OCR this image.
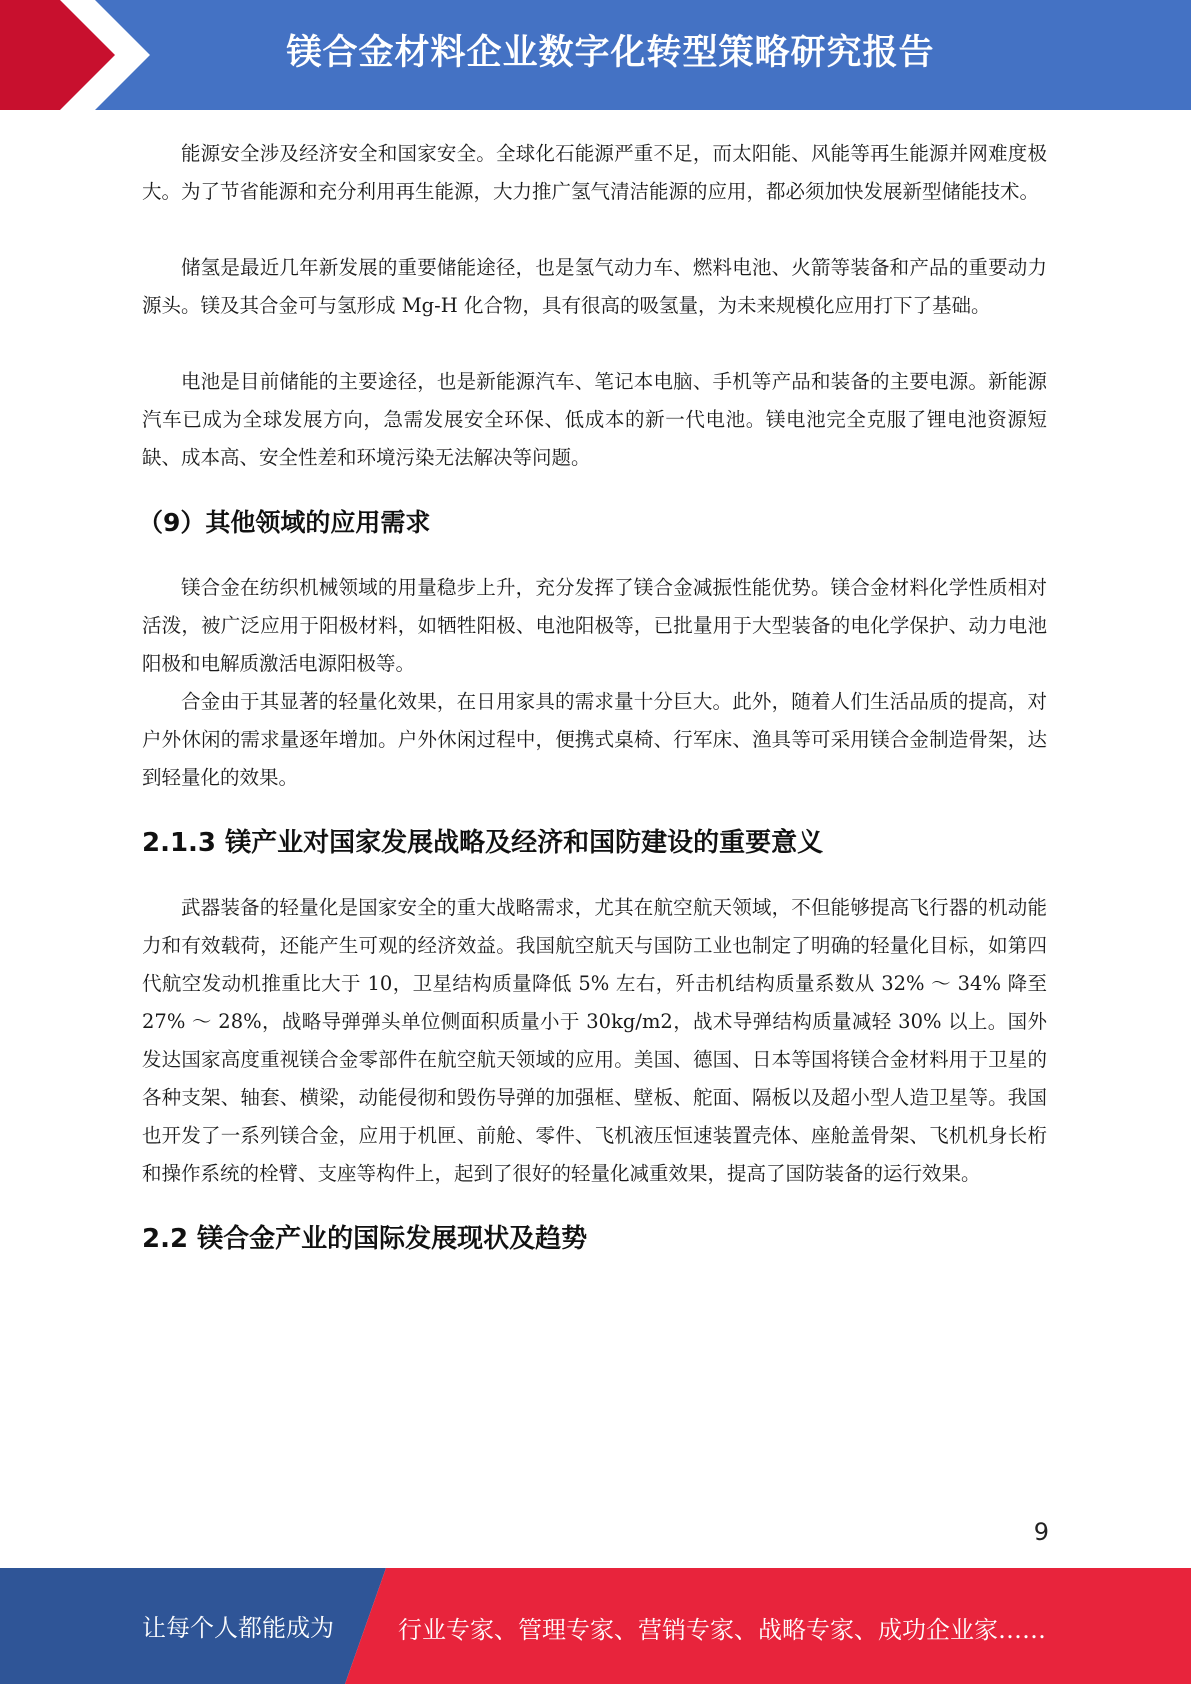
镁合金材料企业数字化转型策略研究报告

能源安全涉及经济安全和国家安全。全球化石能源严重不足，而太阳能、风能等再生能源并网难度极大。为了节省能源和充分利用再生能源，大力推广氢气清洁能源的应用，都必须加快发展新型储能技术。

储氢是最近几年新发展的重要储能途径，也是氢气动力车、燃料电池、火箭等装备和产品的重要动力源头。镁及其合金可与氢形成 Mg-H 化合物，具有很高的吸氢量，为未来规模化应用打下了基础。

电池是目前储能的主要途径，也是新能源汽车、笔记本电脑、手机等产品和装备的主要电源。新能源汽车已成为全球发展方向，急需发展安全环保、低成本的新一代电池。镁电池完全克服了锂电池资源短缺、成本高、安全性差和环境污染无法解决等问题。

（9）其他领域的应用需求

镁合金在纺织机械领域的用量稳步上升，充分发挥了镁合金减振性能优势。镁合金材料化学性质相对活泼，被广泛应用于阳极材料，如牺牲阳极、电池阳极等，已批量用于大型装备的电化学保护、动力电池阳极和电解质激活电源阳极等。

合金由于其显著的轻量化效果，在日用家具的需求量十分巨大。此外，随着人们生活品质的提高，对户外休闲的需求量逐年增加。户外休闲过程中，便携式桌椅、行军床、渔具等可采用镁合金制造骨架，达到轻量化的效果。

2.1.3 镁产业对国家发展战略及经济和国防建设的重要意义

武器装备的轻量化是国家安全的重大战略需求，尤其在航空航天领域，不但能够提高飞行器的机动能力和有效载荷，还能产生可观的经济效益。我国航空航天与国防工业也制定了明确的轻量化目标，如第四代航空发动机推重比大于 10，卫星结构质量降低 5% 左右，歼击机结构质量系数从 32% ～ 34% 降至 27% ～ 28%，战略导弹弹头单位侧面积质量小于 30kg/m2，战术导弹结构质量减轻 30% 以上。国外发达国家高度重视镁合金零部件在航空航天领域的应用。美国、德国、日本等国将镁合金材料用于卫星的各种支架、轴套、横梁，动能侵彻和毁伤导弹的加强框、壁板、舵面、隔板以及超小型人造卫星等。我国也开发了一系列镁合金，应用于机匣、前舱、零件、飞机液压恒速装置壳体、座舱盖骨架、飞机机身长桁和操作系统的栓臂、支座等构件上，起到了很好的轻量化减重效果，提高了国防装备的运行效果。

2.2 镁合金产业的国际发展现状及趋势
9
让每个人都能成为	行业专家、管理专家、营销专家、战略专家、成功企业家……
